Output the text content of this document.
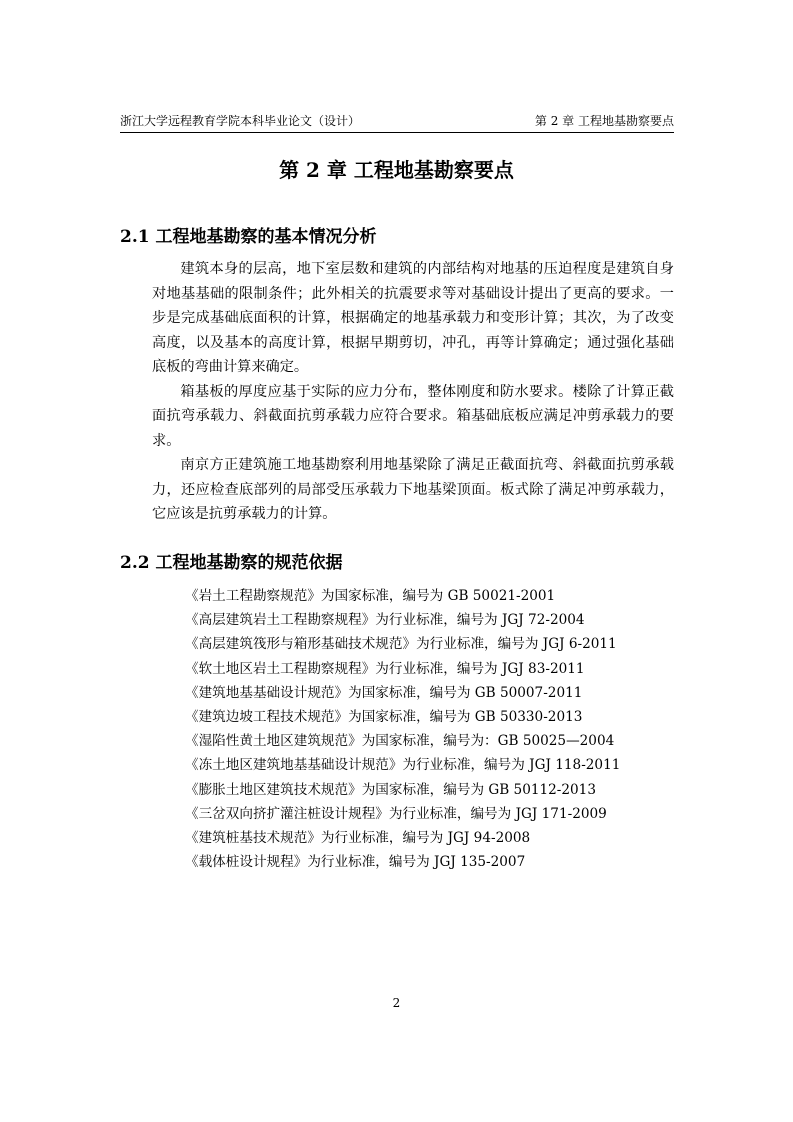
浙江大学远程教育学院本科毕业论文（设计）	第 2 章 工程地基勘察要点
第 2 章 工程地基勘察要点
2.1 工程地基勘察的基本情况分析

建筑本身的层高，地下室层数和建筑的内部结构对地基的压迫程度是建筑自身对地基基础的限制条件；此外相关的抗震要求等对基础设计提出了更高的要求。一步是完成基础底面积的计算，根据确定的地基承载力和变形计算；其次，为了改变高度，以及基本的高度计算，根据早期剪切，冲孔，再等计算确定；通过强化基础底板的弯曲计算来确定。

箱基板的厚度应基于实际的应力分布，整体刚度和防水要求。楼除了计算正截面抗弯承载力、斜截面抗剪承载力应符合要求。箱基础底板应满足冲剪承载力的要求。

南京方正建筑施工地基勘察利用地基梁除了满足正截面抗弯、斜截面抗剪承载力，还应检查底部列的局部受压承载力下地基梁顶面。板式除了满足冲剪承载力，它应该是抗剪承载力的计算。

2.2 工程地基勘察的规范依据
《岩土工程勘察规范》为国家标准，编号为 GB 50021-2001
《高层建筑岩土工程勘察规程》为行业标准，编号为 JGJ 72-2004
《高层建筑筏形与箱形基础技术规范》为行业标准，编号为 JGJ 6-2011
《软土地区岩土工程勘察规程》为行业标准，编号为 JGJ 83-2011
《建筑地基基础设计规范》为国家标准，编号为 GB 50007-2011
《建筑边坡工程技术规范》为国家标准，编号为 GB 50330-2013
《湿陷性黄土地区建筑规范》为国家标准，编号为：GB 50025—2004
《冻土地区建筑地基基础设计规范》为行业标准，编号为 JGJ 118-2011
《膨胀土地区建筑技术规范》为国家标准，编号为 GB 50112-2013
《三岔双向挤扩灌注桩设计规程》为行业标准，编号为 JGJ 171-2009
《建筑桩基技术规范》为行业标准，编号为 JGJ 94-2008
《载体桩设计规程》为行业标准，编号为 JGJ 135-2007
2
